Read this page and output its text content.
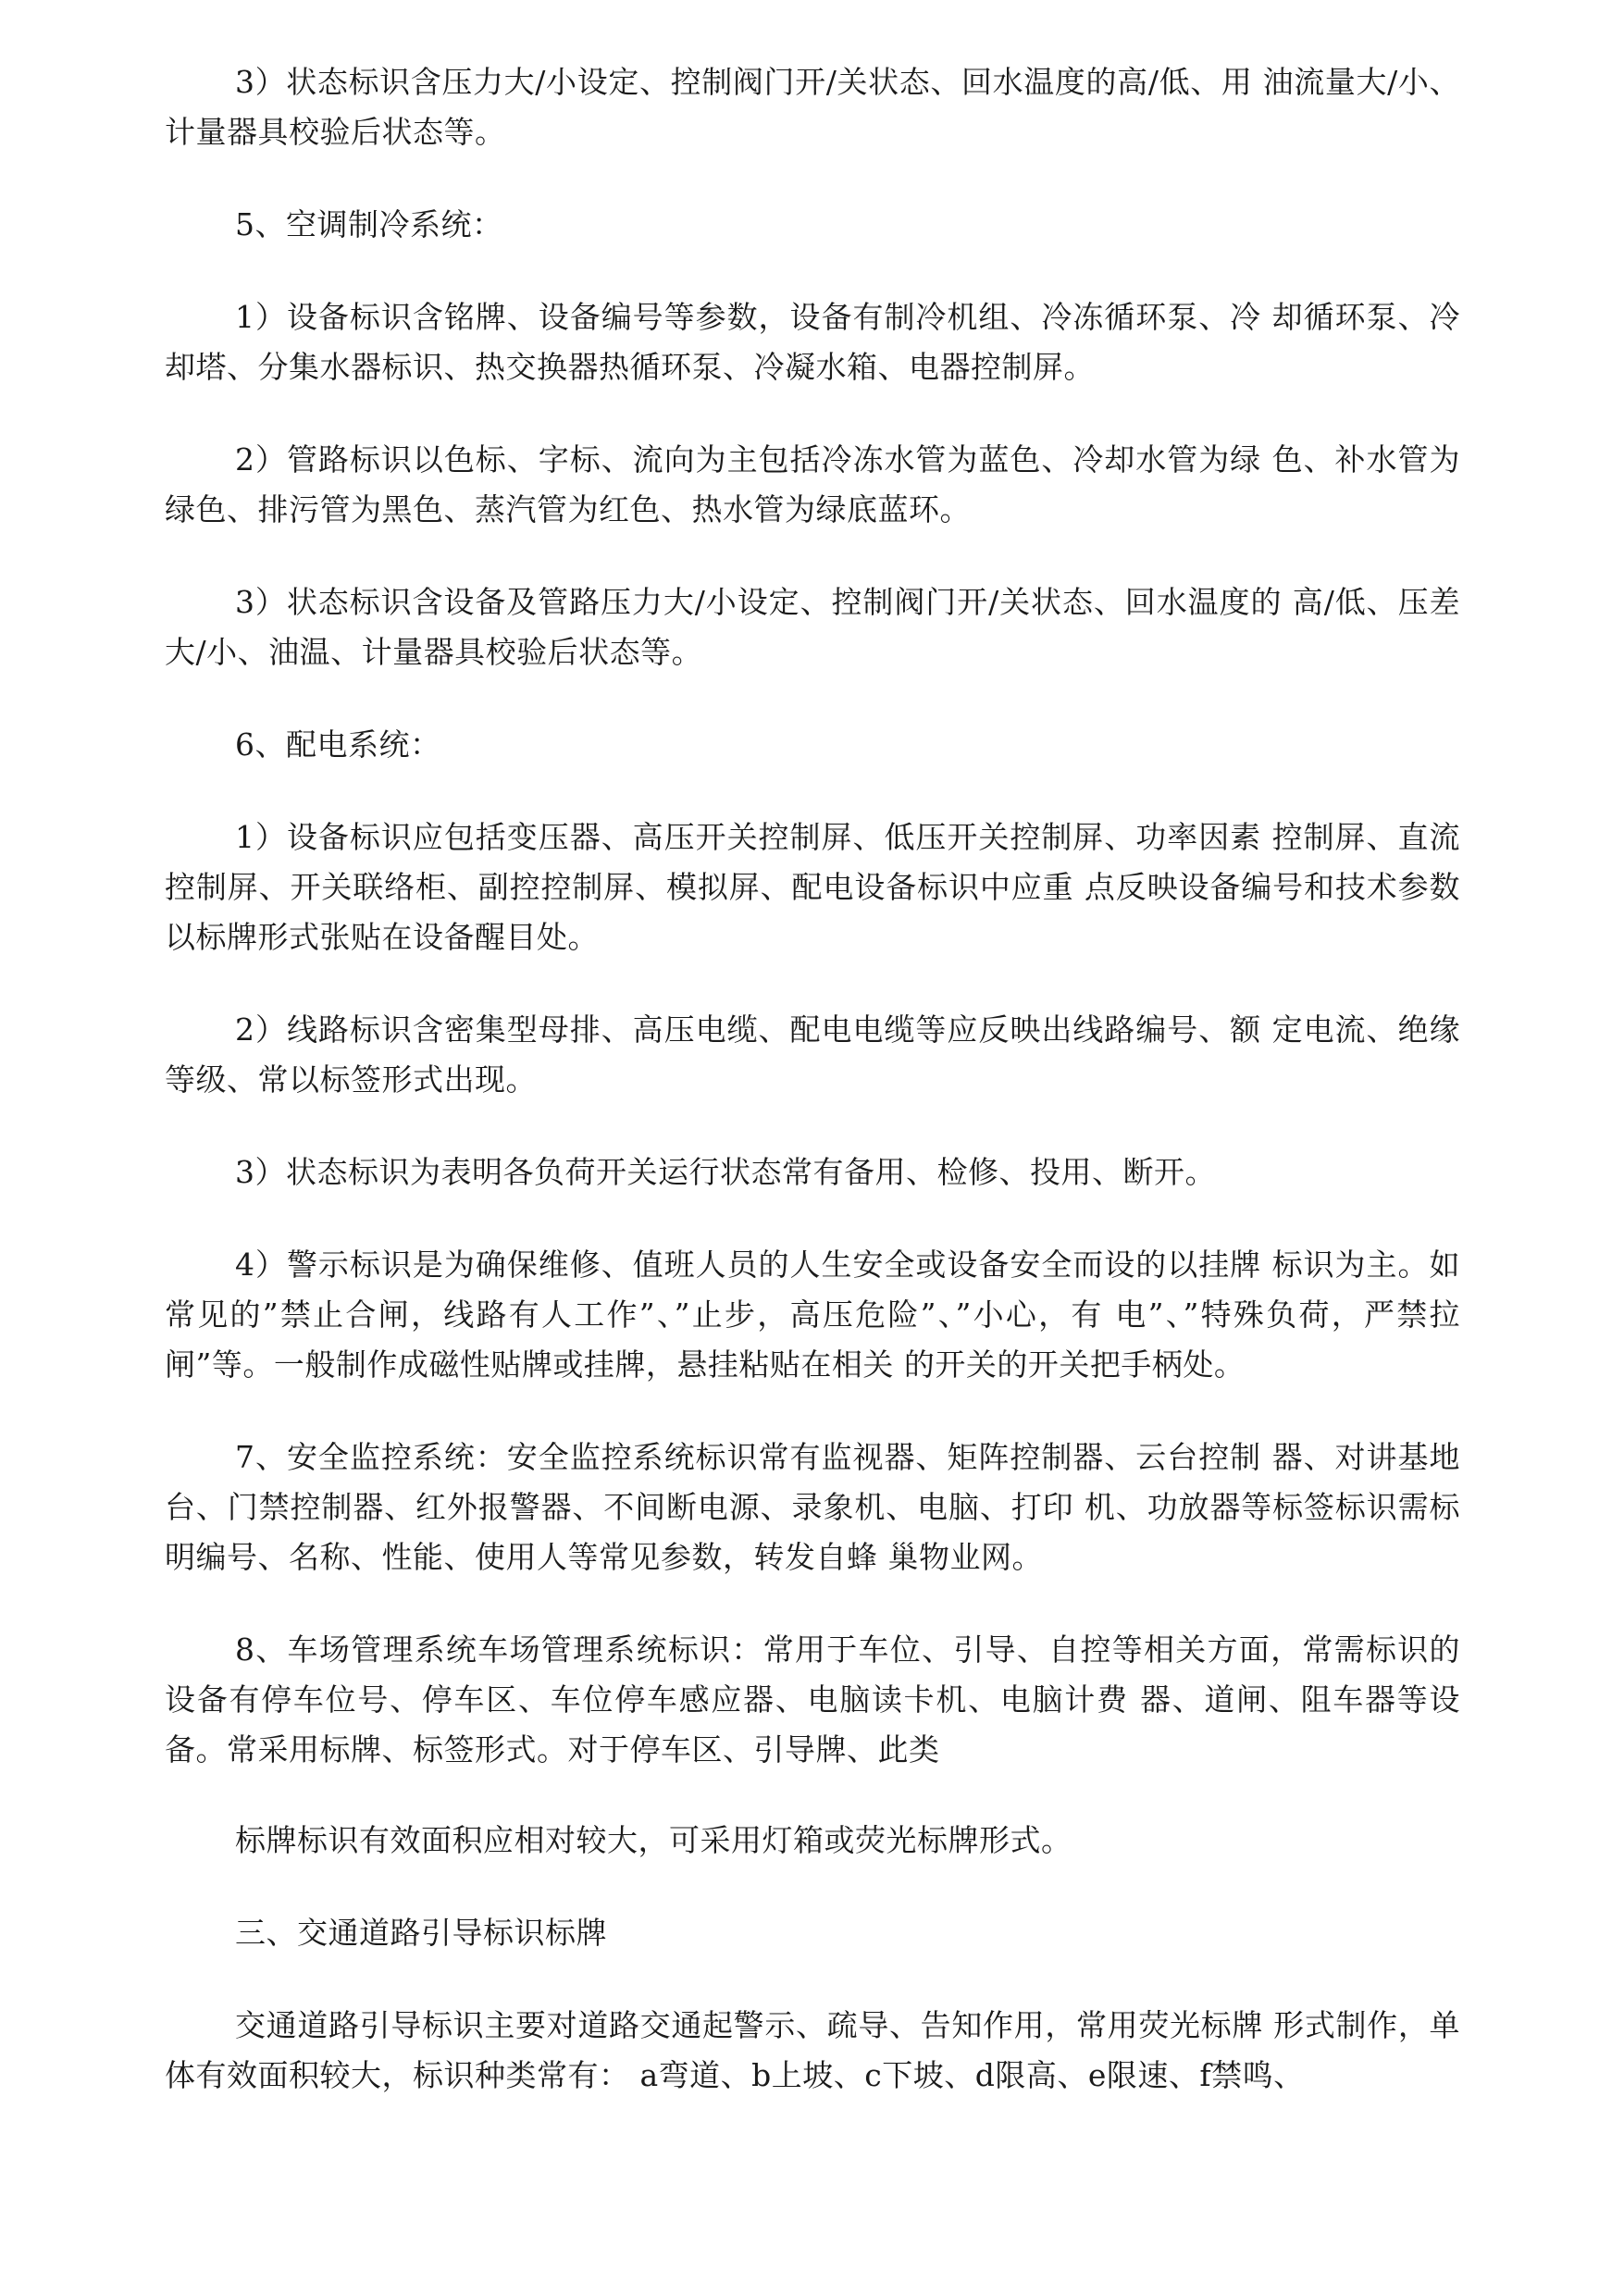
3）状态标识含压力大/小设定、控制阀门开/关状态、回水温度的高/低、用 油流量大/小、计量器具校验后状态等。

5、空调制冷系统：

1）设备标识含铭牌、设备编号等参数，设备有制冷机组、冷冻循环泵、冷 却循环泵、冷却塔、分集水器标识、热交换器热循环泵、冷凝水箱、电器控制屏。

2）管路标识以色标、字标、流向为主包括冷冻水管为蓝色、冷却水管为绿 色、补水管为绿色、排污管为黑色、蒸汽管为红色、热水管为绿底蓝环。

3）状态标识含设备及管路压力大/小设定、控制阀门开/关状态、回水温度的 高/低、压差大/小、油温、计量器具校验后状态等。

6、配电系统：

1）设备标识应包括变压器、高压开关控制屏、低压开关控制屏、功率因素 控制屏、直流控制屏、开关联络柜、副控控制屏、模拟屏、配电设备标识中应重 点反映设备编号和技术参数以标牌形式张贴在设备醒目处。

2）线路标识含密集型母排、高压电缆、配电电缆等应反映出线路编号、额 定电流、绝缘等级、常以标签形式出现。

3）状态标识为表明各负荷开关运行状态常有备用、检修、投用、断开。

4）警示标识是为确保维修、值班人员的人生安全或设备安全而设的以挂牌 标识为主。如常见的”禁止合闸，线路有人工作”、”止步，高压危险”、”小心，有 电”、”特殊负荷，严禁拉闸”等。一般制作成磁性贴牌或挂牌，悬挂粘贴在相关 的开关的开关把手柄处。

7、安全监控系统：安全监控系统标识常有监视器、矩阵控制器、云台控制 器、对讲基地台、门禁控制器、红外报警器、不间断电源、录象机、电脑、打印 机、功放器等标签标识需标明编号、名称、性能、使用人等常见参数，转发自蜂 巢物业网。

8、车场管理系统车场管理系统标识：常用于车位、引导、自控等相关方面，常需标识的设备有停车位号、停车区、车位停车感应器、电脑读卡机、电脑计费 器、道闸、阻车器等设备。常采用标牌、标签形式。对于停车区、引导牌、此类

标牌标识有效面积应相对较大，可采用灯箱或荧光标牌形式。

三、交通道路引导标识标牌

交通道路引导标识主要对道路交通起警示、疏导、告知作用，常用荧光标牌 形式制作，单体有效面积较大，标识种类常有： a弯道、b上坡、c下坡、d限高、e限速、f禁鸣、
